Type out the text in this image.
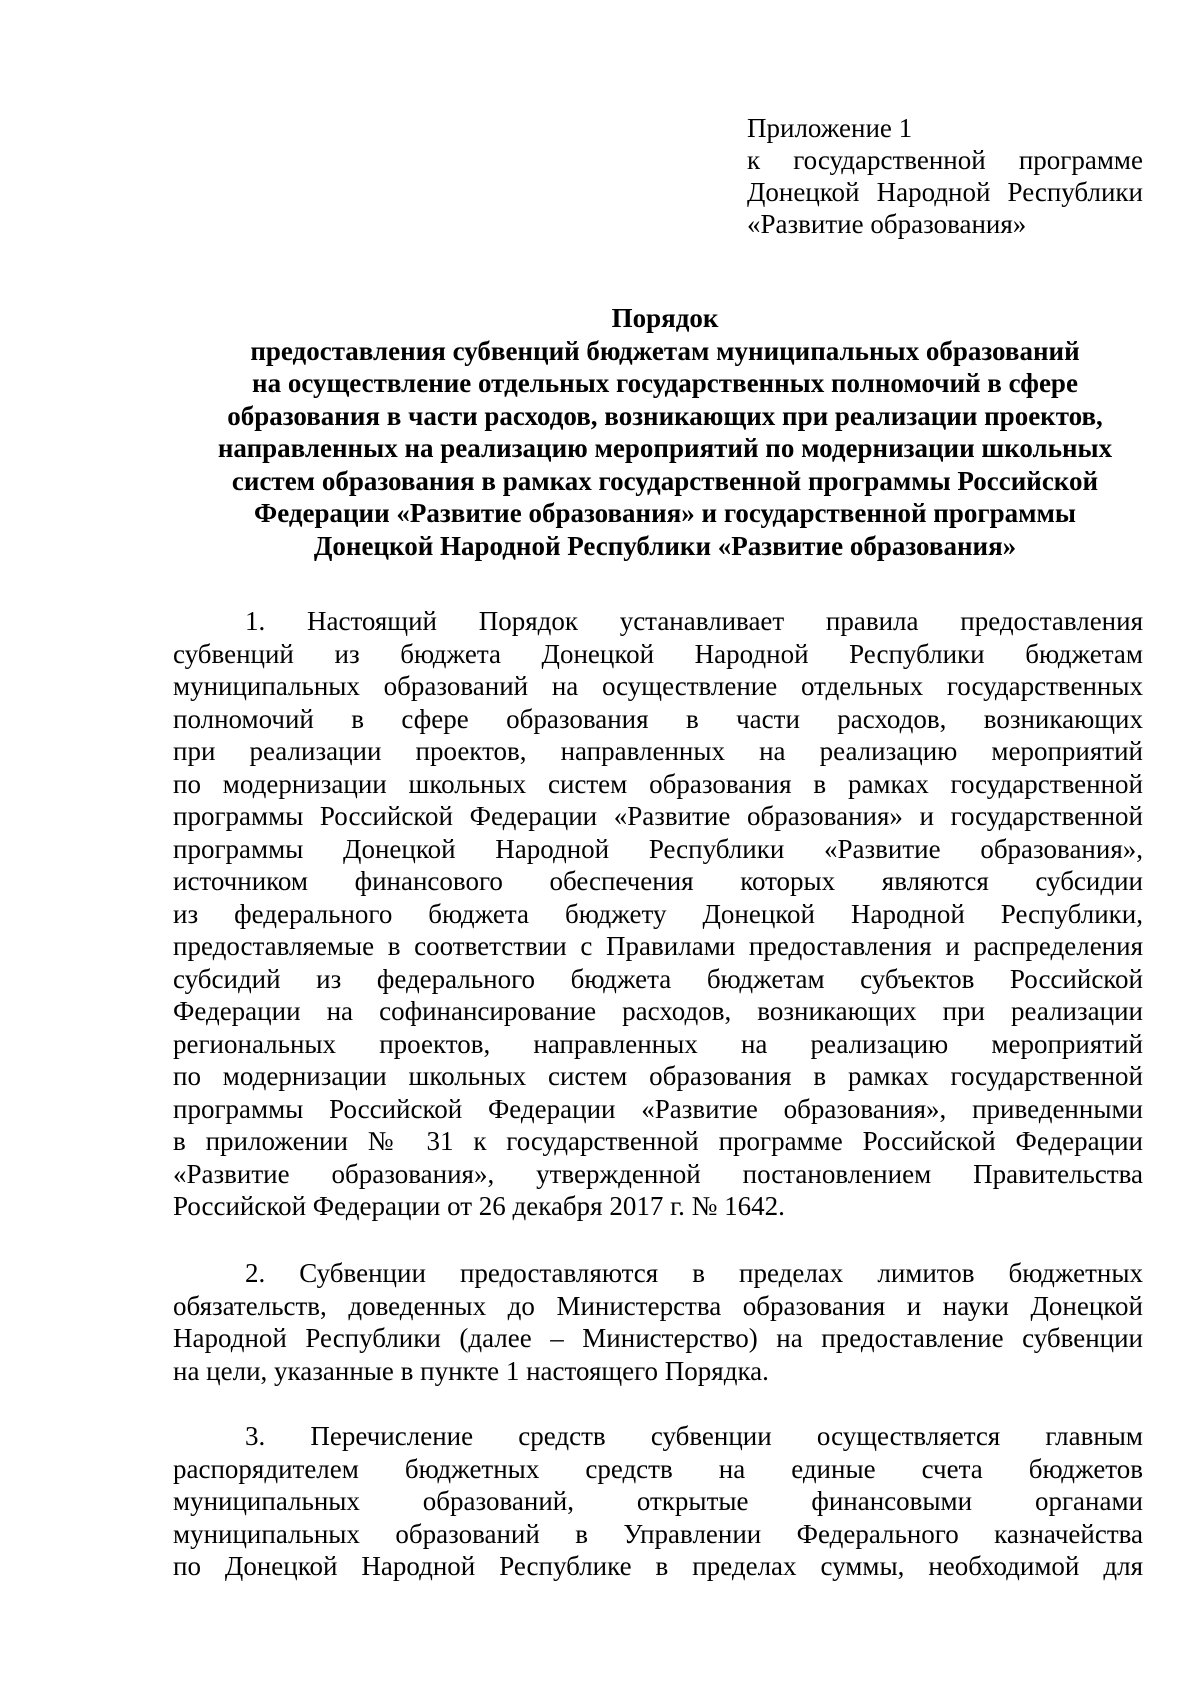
Приложение 1
к государственной программе
Донецкой Народной Республики
«Развитие образования»
Порядок
предоставления субвенций бюджетам муниципальных образований
на осуществление отдельных государственных полномочий в сфере
образования в части расходов, возникающих при реализации проектов,
направленных на реализацию мероприятий по модернизации школьных
систем образования в рамках государственной программы Российской
Федерации «Развитие образования» и государственной программы
Донецкой Народной Республики «Развитие образования»
1. Настоящий Порядок устанавливает правила предоставления
субвенций из бюджета Донецкой Народной Республики бюджетам
муниципальных образований на осуществление отдельных государственных
полномочий в сфере образования в части расходов, возникающих
при реализации проектов, направленных на реализацию мероприятий
по модернизации школьных систем образования в рамках государственной
программы Российской Федерации «Развитие образования» и государственной
программы Донецкой Народной Республики «Развитие образования»,
источником финансового обеспечения которых являются субсидии
из федерального бюджета бюджету Донецкой Народной Республики,
предоставляемые в соответствии с Правилами предоставления и распределения
субсидий из федерального бюджета бюджетам субъектов Российской
Федерации на софинансирование расходов, возникающих при реализации
региональных проектов, направленных на реализацию мероприятий
по модернизации школьных систем образования в рамках государственной
программы Российской Федерации «Развитие образования», приведенными
в приложении № 31 к государственной программе Российской Федерации
«Развитие образования», утвержденной постановлением Правительства
Российской Федерации от 26 декабря 2017 г. № 1642.
2. Субвенции предоставляются в пределах лимитов бюджетных
обязательств, доведенных до Министерства образования и науки Донецкой
Народной Республики (далее – Министерство) на предоставление субвенции
на цели, указанные в пункте 1 настоящего Порядка.
3. Перечисление средств субвенции осуществляется главным
распорядителем бюджетных средств на единые счета бюджетов
муниципальных образований, открытые финансовыми органами
муниципальных образований в Управлении Федерального казначейства
по Донецкой Народной Республике в пределах суммы, необходимой для
